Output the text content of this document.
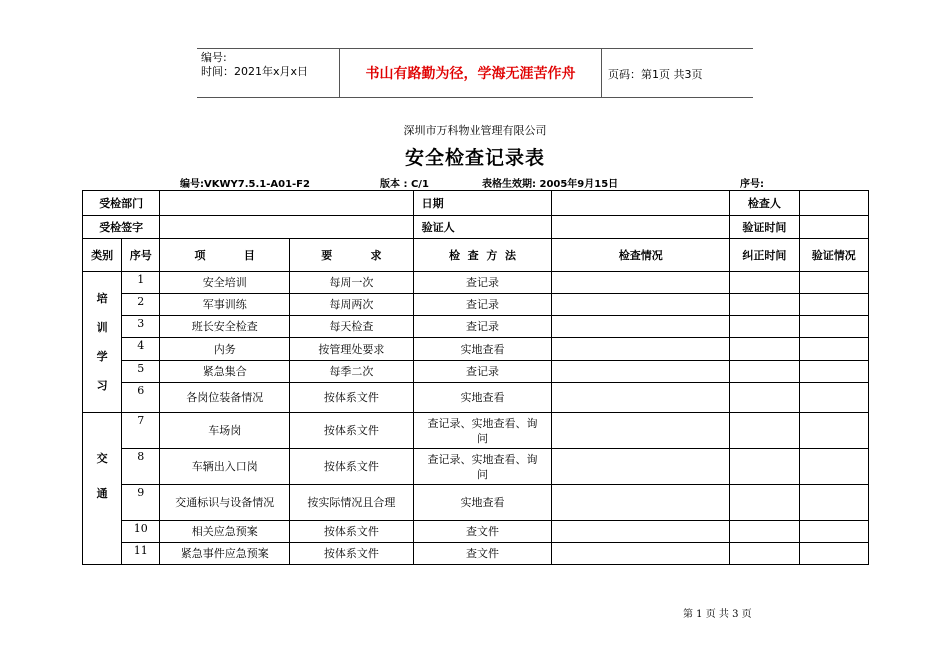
编号:
时间：2021年x月x日	书山有路勤为径，学海无涯苦作舟	页码：第1页 共3页
深圳市万科物业管理有限公司
安全检查记录表
编号:VKWY7.5.1-A01-F2	版本 : C/1	表格生效期: 2005年9月15日	序号:
受检部门				日期		检查人	
受检签字				验证人		验证时间	
类别	序号	项          目	要          求	检  查  方  法	检查情况	纠正时间	验证情况

培
训
学
习	1	安全培训	每周一次	查记录			
	2	军事训练	每周两次	查记录			
	3	班长安全检查	每天检查	查记录			
	4	内务	按管理处要求	实地查看			
	5	紧急集合	每季二次	查记录			
	6	各岗位装备情况	按体系文件	实地查看			

交
通	7	车场岗	按体系文件	查记录、实地查看、询问			
	8	车辆出入口岗	按体系文件	查记录、实地查看、询问			
	9	交通标识与设备情况	按实际情况且合理	实地查看			
	10	相关应急预案	按体系文件	查文件			
	11	紧急事件应急预案	按体系文件	查文件			
第 1 页 共 3 页
